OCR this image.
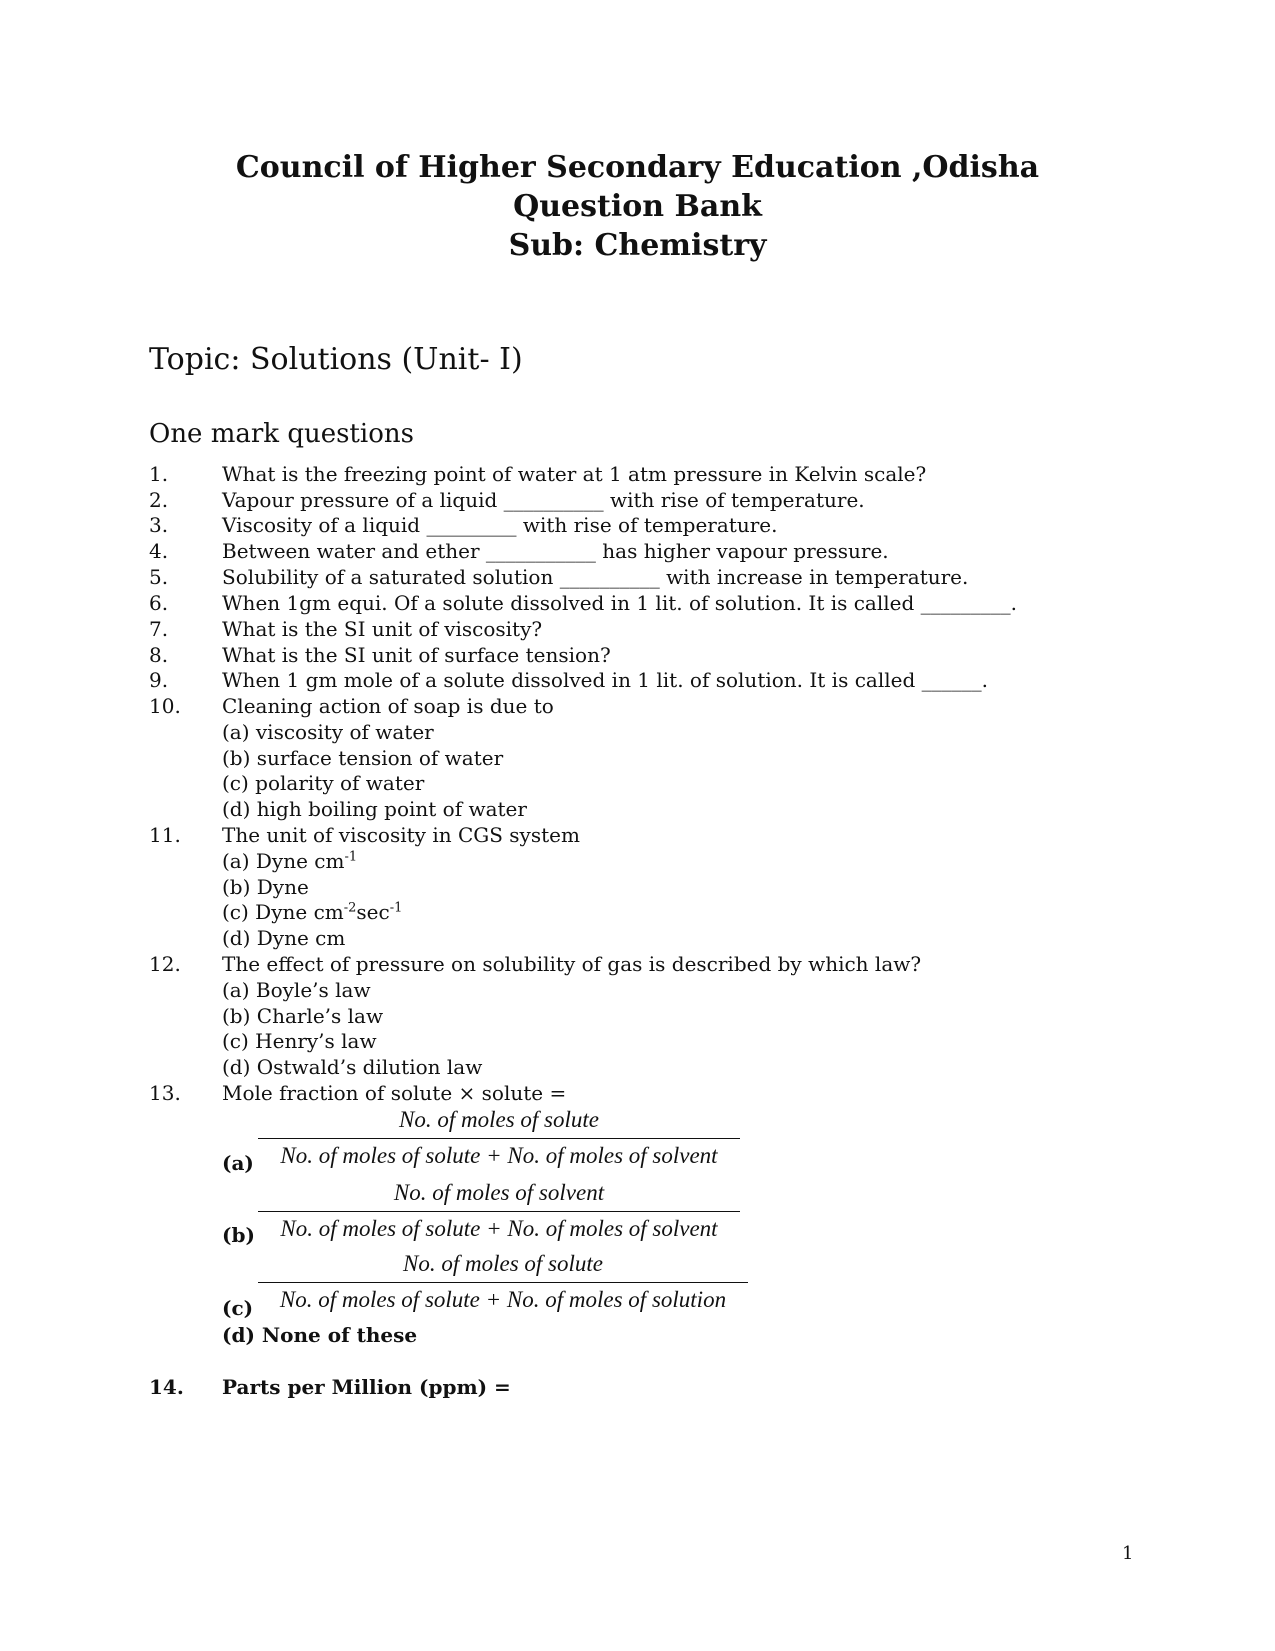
Council of Higher Secondary Education ,Odisha
Question Bank
Sub: Chemistry
Topic: Solutions (Unit- I)
One mark questions
1.	What is the freezing point of water at 1 atm pressure in Kelvin scale?
2.	Vapour pressure of a liquid __________ with rise of temperature.
3.	Viscosity of a liquid _________ with rise of temperature.
4.	Between water and ether ___________ has higher vapour pressure.
5.	Solubility of a saturated solution __________ with increase in temperature.
6.	When 1gm equi. Of a solute dissolved in 1 lit. of solution. It is called _________.
7.	What is the SI unit of viscosity?
8.	What is the SI unit of surface tension?
9.	When 1 gm mole of a solute dissolved in 1 lit. of solution. It is called ______.
10. Cleaning action of soap is due to
(a) viscosity of water
(b) surface tension of water
(c) polarity of water
(d) high boiling point of water
11. The unit of viscosity in CGS system
(a) Dyne $cm^{-1}$
(b) Dyne
(c) Dyne $cm^{-2}\sec^{-1}$
(d) Dyne cm
12. The effect of pressure on solubility of gas is described by which law?
(a) Boyle’s law
(b) Charle’s law
(c) Henry’s law
(d) Ostwald’s dilution law
13. Mole fraction of solute × solute =
No. of moles of solute
No. of moles of solute + No. of moles of solvent
(a)
No. of moles of solvent
No. of moles of solute + No. of moles of solvent
(b)
No. of moles of solute
No. of moles of solute + No. of moles of solution
(c)
(d) None of these
14. Parts per Million (ppm) =
1
